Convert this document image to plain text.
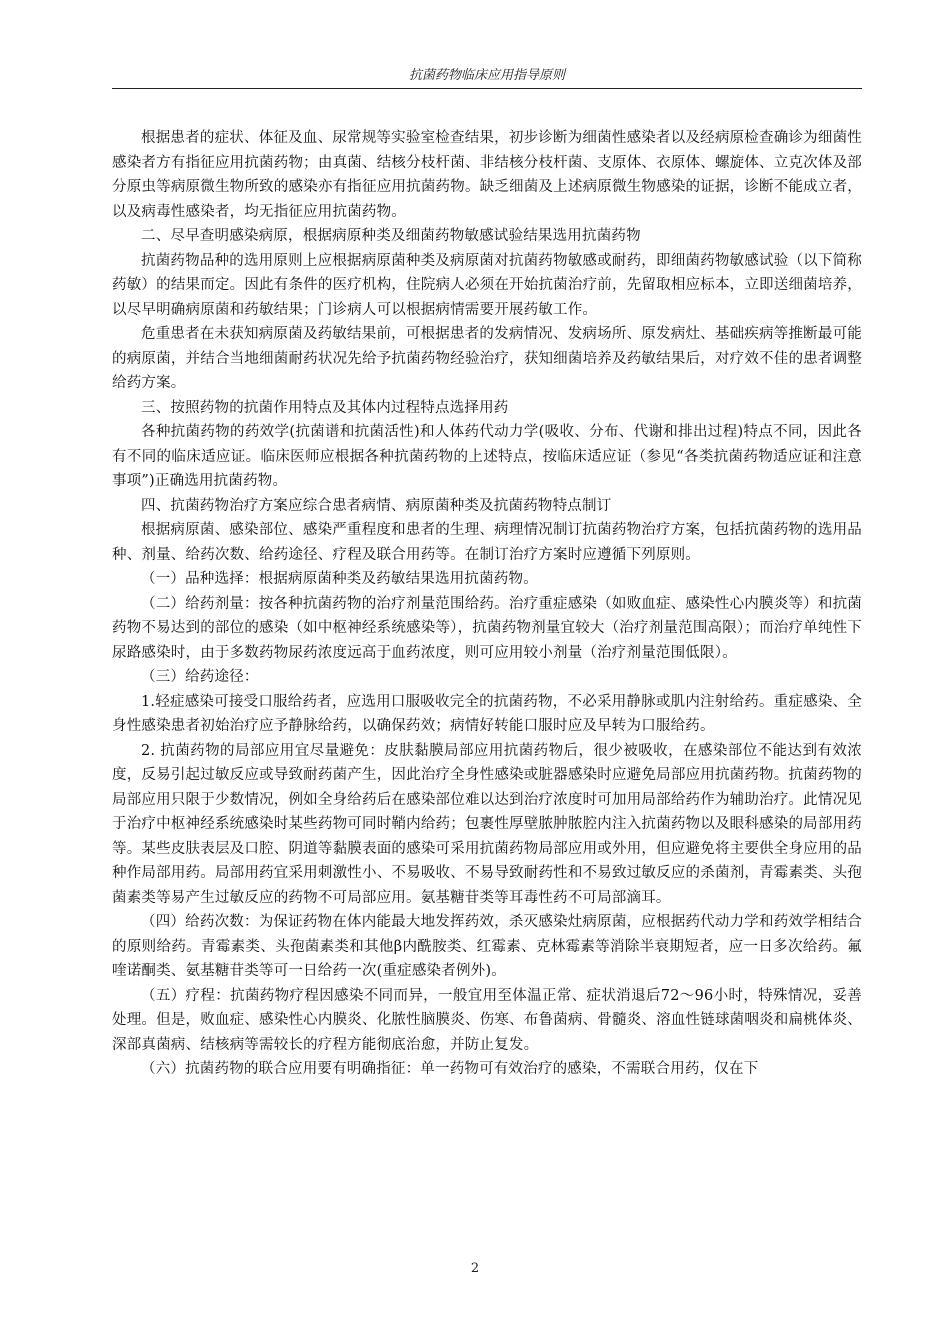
抗菌药物临床应用指导原则

根据患者的症状、体征及血、尿常规等实验室检查结果，初步诊断为细菌性感染者以及经病原检查确诊为细菌性感染者方有指征应用抗菌药物；由真菌、结核分枝杆菌、非结核分枝杆菌、支原体、衣原体、螺旋体、立克次体及部分原虫等病原微生物所致的感染亦有指征应用抗菌药物。缺乏细菌及上述病原微生物感染的证据，诊断不能成立者，以及病毒性感染者，均无指征应用抗菌药物。

二、尽早查明感染病原，根据病原种类及细菌药物敏感试验结果选用抗菌药物

抗菌药物品种的选用原则上应根据病原菌种类及病原菌对抗菌药物敏感或耐药，即细菌药物敏感试验（以下简称药敏）的结果而定。因此有条件的医疗机构，住院病人必须在开始抗菌治疗前，先留取相应标本，立即送细菌培养，以尽早明确病原菌和药敏结果；门诊病人可以根据病情需要开展药敏工作。

危重患者在未获知病原菌及药敏结果前，可根据患者的发病情况、发病场所、原发病灶、基础疾病等推断最可能的病原菌，并结合当地细菌耐药状况先给予抗菌药物经验治疗，获知细菌培养及药敏结果后，对疗效不佳的患者调整给药方案。

三、按照药物的抗菌作用特点及其体内过程特点选择用药

各种抗菌药物的药效学(抗菌谱和抗菌活性)和人体药代动力学(吸收、分布、代谢和排出过程)特点不同，因此各有不同的临床适应证。临床医师应根据各种抗菌药物的上述特点，按临床适应证（参见“各类抗菌药物适应证和注意事项”)正确选用抗菌药物。

四、抗菌药物治疗方案应综合患者病情、病原菌种类及抗菌药物特点制订

根据病原菌、感染部位、感染严重程度和患者的生理、病理情况制订抗菌药物治疗方案，包括抗菌药物的选用品种、剂量、给药次数、给药途径、疗程及联合用药等。在制订治疗方案时应遵循下列原则。

（一）品种选择：根据病原菌种类及药敏结果选用抗菌药物。

（二）给药剂量：按各种抗菌药物的治疗剂量范围给药。治疗重症感染（如败血症、感染性心内膜炎等）和抗菌药物不易达到的部位的感染（如中枢神经系统感染等），抗菌药物剂量宜较大（治疗剂量范围高限）；而治疗单纯性下尿路感染时，由于多数药物尿药浓度远高于血药浓度，则可应用较小剂量（治疗剂量范围低限）。

（三）给药途径：

1.轻症感染可接受口服给药者，应选用口服吸收完全的抗菌药物，不必采用静脉或肌内注射给药。重症感染、全身性感染患者初始治疗应予静脉给药，以确保药效；病情好转能口服时应及早转为口服给药。

2. 抗菌药物的局部应用宜尽量避免：皮肤黏膜局部应用抗菌药物后，很少被吸收，在感染部位不能达到有效浓度，反易引起过敏反应或导致耐药菌产生，因此治疗全身性感染或脏器感染时应避免局部应用抗菌药物。抗菌药物的局部应用只限于少数情况，例如全身给药后在感染部位难以达到治疗浓度时可加用局部给药作为辅助治疗。此情况见于治疗中枢神经系统感染时某些药物可同时鞘内给药；包裹性厚壁脓肿脓腔内注入抗菌药物以及眼科感染的局部用药等。某些皮肤表层及口腔、阴道等黏膜表面的感染可采用抗菌药物局部应用或外用，但应避免将主要供全身应用的品种作局部用药。局部用药宜采用刺激性小、不易吸收、不易导致耐药性和不易致过敏反应的杀菌剂，青霉素类、头孢菌素类等易产生过敏反应的药物不可局部应用。氨基糖苷类等耳毒性药不可局部滴耳。

（四）给药次数：为保证药物在体内能最大地发挥药效，杀灭感染灶病原菌，应根据药代动力学和药效学相结合的原则给药。青霉素类、头孢菌素类和其他β内酰胺类、红霉素、克林霉素等消除半衰期短者，应一日多次给药。氟喹诺酮类、氨基糖苷类等可一日给药一次(重症感染者例外)。

（五）疗程：抗菌药物疗程因感染不同而异，一般宜用至体温正常、症状消退后72～96小时，特殊情况，妥善处理。但是，败血症、感染性心内膜炎、化脓性脑膜炎、伤寒、布鲁菌病、骨髓炎、溶血性链球菌咽炎和扁桃体炎、深部真菌病、结核病等需较长的疗程方能彻底治愈，并防止复发。

（六）抗菌药物的联合应用要有明确指征：单一药物可有效治疗的感染，不需联合用药，仅在下

2
